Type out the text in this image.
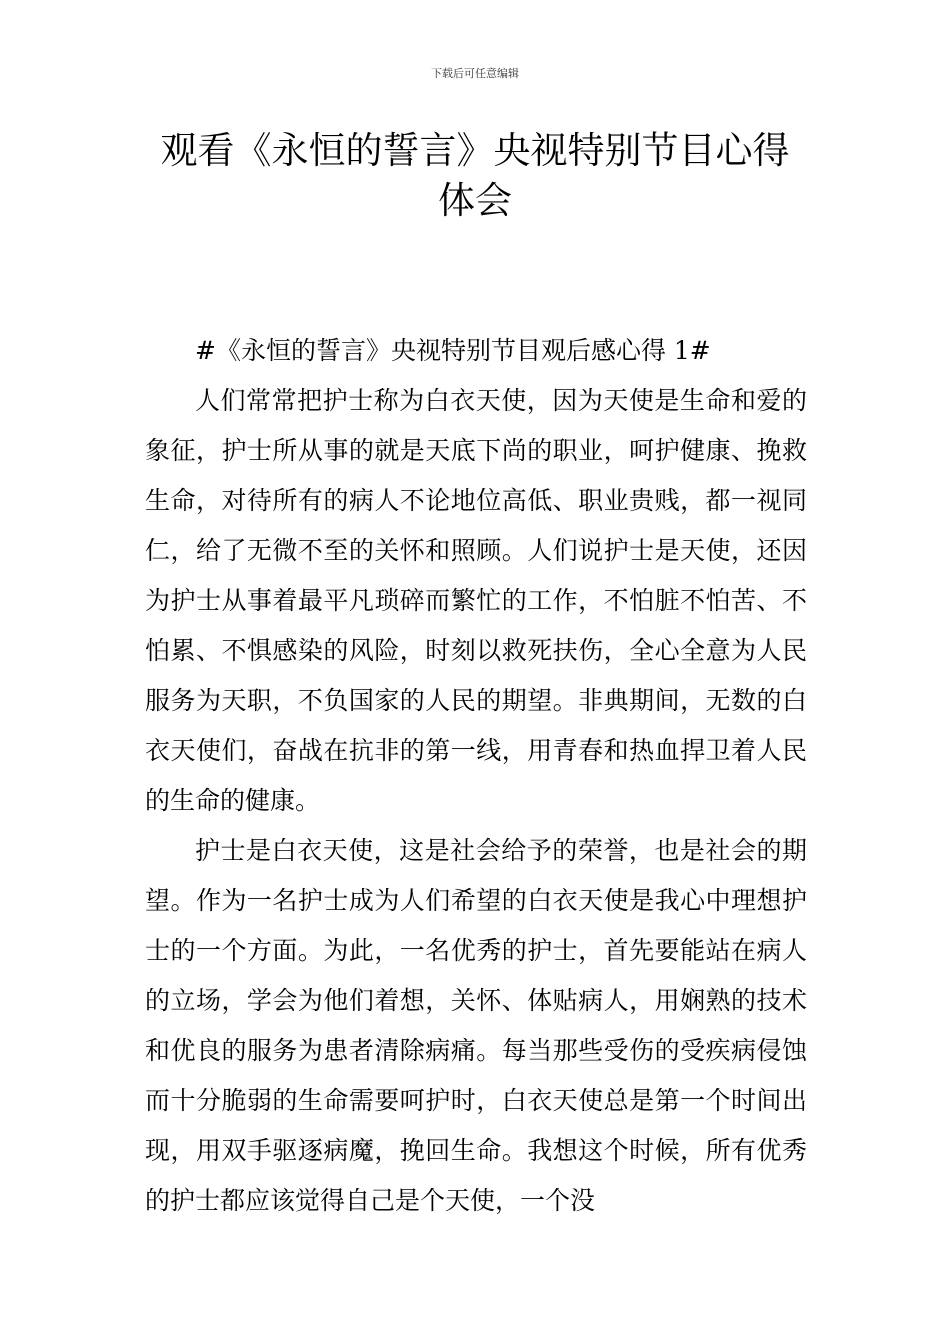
下载后可任意编辑
观看《永恒的誓言》央视特别节目心得体会

#《永恒的誓言》央视特别节目观后感心得 1#

人们常常把护士称为白衣天使，因为天使是生命和爱的象征，护士所从事的就是天底下尚的职业，呵护健康、挽救生命，对待所有的病人不论地位高低、职业贵贱，都一视同仁，给了无微不至的关怀和照顾。人们说护士是天使，还因为护士从事着最平凡琐碎而繁忙的工作，不怕脏不怕苦、不怕累、不惧感染的风险，时刻以救死扶伤，全心全意为人民服务为天职，不负国家的人民的期望。非典期间，无数的白衣天使们，奋战在抗非的第一线，用青春和热血捍卫着人民的生命的健康。

护士是白衣天使，这是社会给予的荣誉，也是社会的期望。作为一名护士成为人们希望的白衣天使是我心中理想护士的一个方面。为此，一名优秀的护士，首先要能站在病人的立场，学会为他们着想，关怀、体贴病人，用娴熟的技术和优良的服务为患者清除病痛。每当那些受伤的受疾病侵蚀而十分脆弱的生命需要呵护时，白衣天使总是第一个时间出现，用双手驱逐病魔，挽回生命。我想这个时候，所有优秀的护士都应该觉得自己是个天使，一个没
